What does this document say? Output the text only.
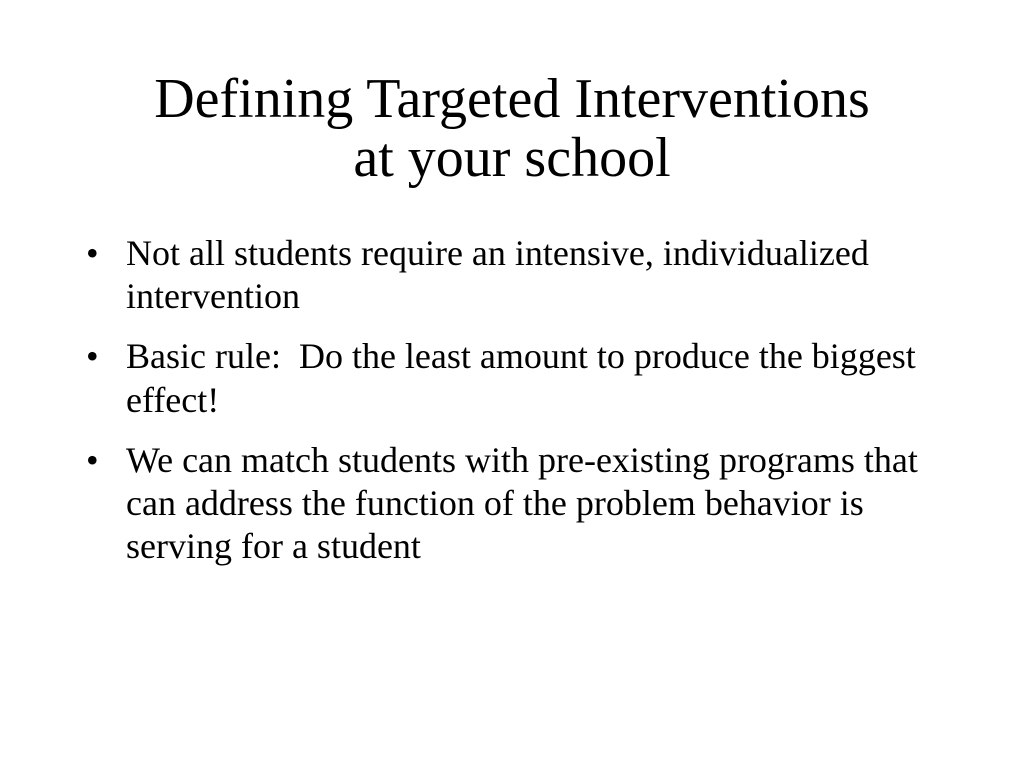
Defining Targeted Interventions
at your school
• Not all students require an intensive, individualized intervention
• Basic rule:  Do the least amount to produce the biggest effect!
• We can match students with pre-existing programs that can address the function of the problem behavior is serving for a student
